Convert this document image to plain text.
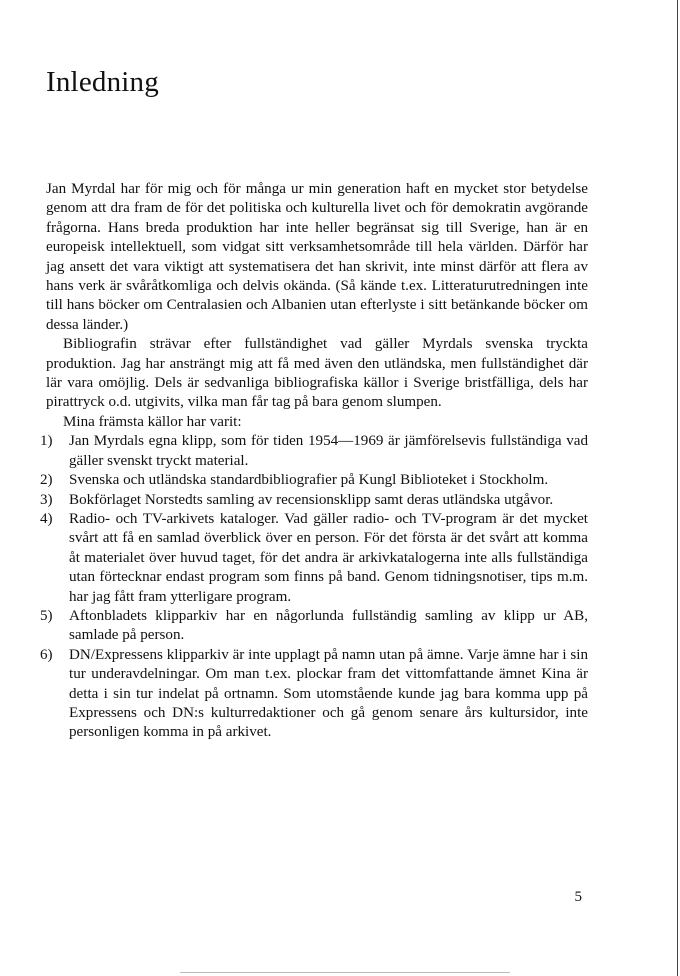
Inledning

Jan Myrdal har för mig och för många ur min generation haft en mycket stor betydelse genom att dra fram de för det politiska och kulturella livet och för demokratin avgörande frågorna. Hans breda produktion har inte heller begränsat sig till Sverige, han är en europeisk intellektuell, som vidgat sitt verksamhetsområde till hela världen. Därför har jag ansett det vara viktigt att systematisera det han skrivit, inte minst därför att flera av hans verk är svåråtkomliga och delvis okända. (Så kände t.ex. Litteraturutredningen inte till hans böcker om Centralasien och Albanien utan efterlyste i sitt betänkande böcker om dessa länder.)

Bibliografin strävar efter fullständighet vad gäller Myrdals svenska tryckta produktion. Jag har ansträngt mig att få med även den utländska, men fullständighet där lär vara omöjlig. Dels är sedvanliga bibliografiska källor i Sverige bristfälliga, dels har pirattryck o.d. utgivits, vilka man får tag på bara genom slumpen.

Mina främsta källor har varit:

1) Jan Myrdals egna klipp, som för tiden 1954—1969 är jämförelsevis fullständiga vad gäller svenskt tryckt material.
2) Svenska och utländska standardbibliografier på Kungl Biblioteket i Stockholm.
3) Bokförlaget Norstedts samling av recensionsklipp samt deras utländska utgåvor.
4) Radio- och TV-arkivets kataloger. Vad gäller radio- och TV-program är det mycket svårt att få en samlad överblick över en person. För det första är det svårt att komma åt materialet över huvud taget, för det andra är arkivkatalogerna inte alls fullständiga utan förtecknar endast program som finns på band. Genom tidningsnotiser, tips m.m. har jag fått fram ytterligare program.
5) Aftonbladets klipparkiv har en någorlunda fullständig samling av klipp ur AB, samlade på person.
6) DN/Expressens klipparkiv är inte upplagt på namn utan på ämne. Varje ämne har i sin tur underavdelningar. Om man t.ex. plockar fram det vittomfattande ämnet Kina är detta i sin tur indelat på ortnamn. Som utomstående kunde jag bara komma upp på Expressens och DN:s kulturredaktioner och gå genom senare års kultursidor, inte personligen komma in på arkivet.
5
